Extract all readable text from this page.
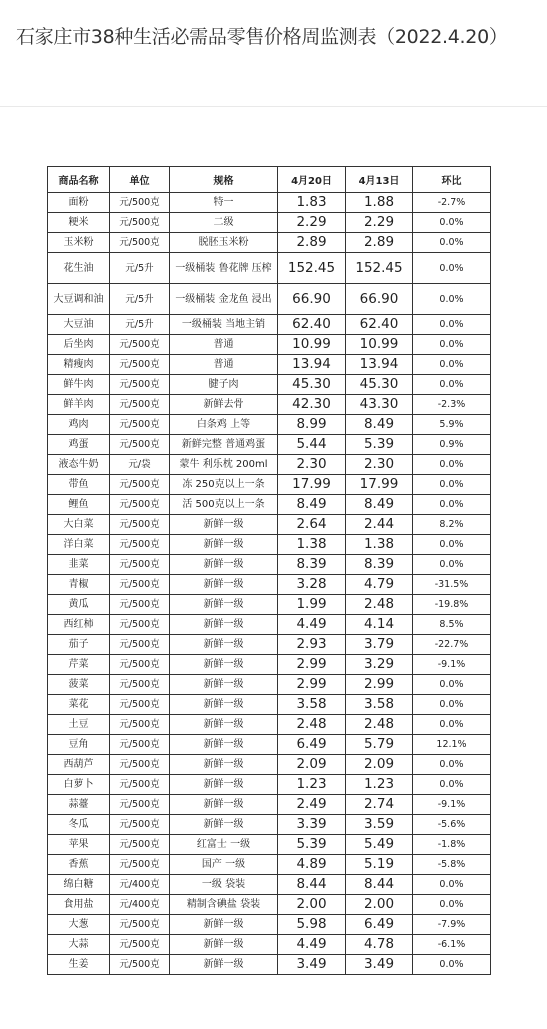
石家庄市38种生活必需品零售价格周监测表（2022.4.20）
商品名称	单位	规格	4月20日	4月13日	环比
面粉	元/500克	特一	1.83	1.88	-2.7%
粳米	元/500克	二级	2.29	2.29	0.0%
玉米粉	元/500克	脱胚玉米粉	2.89	2.89	0.0%
花生油	元/5升	一级桶装 鲁花牌 压榨	152.45	152.45	0.0%
大豆调和油	元/5升	一级桶装 金龙鱼 浸出	66.90	66.90	0.0%
大豆油	元/5升	一级桶装 当地主销	62.40	62.40	0.0%
后坐肉	元/500克	普通	10.99	10.99	0.0%
精瘦肉	元/500克	普通	13.94	13.94	0.0%
鲜牛肉	元/500克	腱子肉	45.30	45.30	0.0%
鲜羊肉	元/500克	新鲜去骨	42.30	43.30	-2.3%
鸡肉	元/500克	白条鸡 上等	8.99	8.49	5.9%
鸡蛋	元/500克	新鲜完整 普通鸡蛋	5.44	5.39	0.9%
液态牛奶	元/袋	蒙牛 利乐枕 200ml	2.30	2.30	0.0%
带鱼	元/500克	冻 250克以上一条	17.99	17.99	0.0%
鲤鱼	元/500克	活 500克以上一条	8.49	8.49	0.0%
大白菜	元/500克	新鲜一级	2.64	2.44	8.2%
洋白菜	元/500克	新鲜一级	1.38	1.38	0.0%
韭菜	元/500克	新鲜一级	8.39	8.39	0.0%
青椒	元/500克	新鲜一级	3.28	4.79	-31.5%
黄瓜	元/500克	新鲜一级	1.99	2.48	-19.8%
西红柿	元/500克	新鲜一级	4.49	4.14	8.5%
茄子	元/500克	新鲜一级	2.93	3.79	-22.7%
芹菜	元/500克	新鲜一级	2.99	3.29	-9.1%
菠菜	元/500克	新鲜一级	2.99	2.99	0.0%
菜花	元/500克	新鲜一级	3.58	3.58	0.0%
土豆	元/500克	新鲜一级	2.48	2.48	0.0%
豆角	元/500克	新鲜一级	6.49	5.79	12.1%
西葫芦	元/500克	新鲜一级	2.09	2.09	0.0%
白萝卜	元/500克	新鲜一级	1.23	1.23	0.0%
蒜薹	元/500克	新鲜一级	2.49	2.74	-9.1%
冬瓜	元/500克	新鲜一级	3.39	3.59	-5.6%
苹果	元/500克	红富士 一级	5.39	5.49	-1.8%
香蕉	元/500克	国产 一级	4.89	5.19	-5.8%
绵白糖	元/400克	一级 袋装	8.44	8.44	0.0%
食用盐	元/400克	精制含碘盐 袋装	2.00	2.00	0.0%
大葱	元/500克	新鲜一级	5.98	6.49	-7.9%
大蒜	元/500克	新鲜一级	4.49	4.78	-6.1%
生姜	元/500克	新鲜一级	3.49	3.49	0.0%
